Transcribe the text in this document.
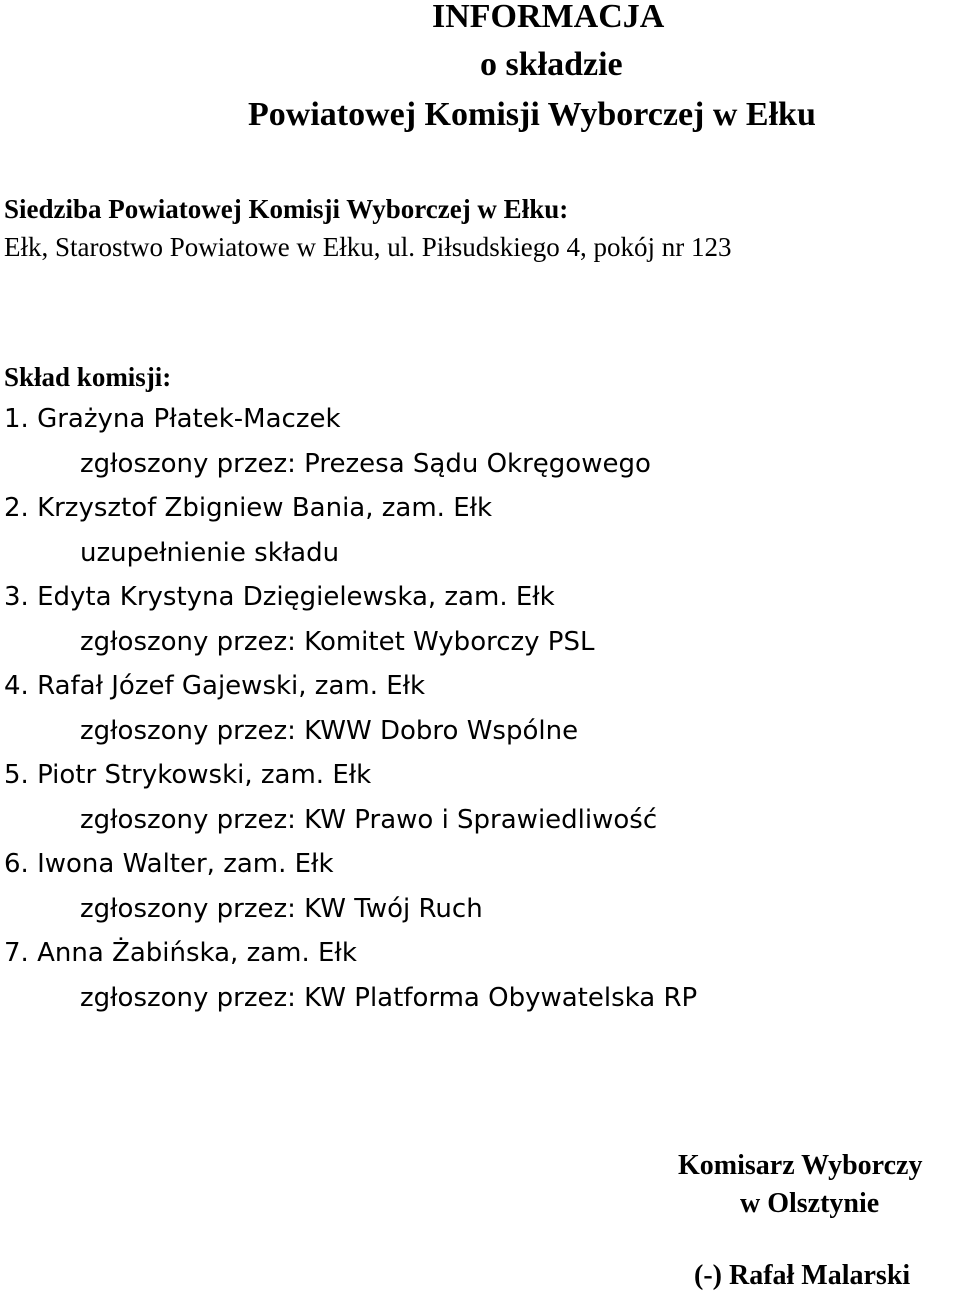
INFORMACJA
o składzie
Powiatowej Komisji Wyborczej w Ełku
Siedziba Powiatowej Komisji Wyborczej w Ełku:
Ełk, Starostwo Powiatowe w Ełku, ul. Piłsudskiego 4, pokój nr 123
Skład komisji:
1. Grażyna Płatek-Maczek
zgłoszony przez: Prezesa Sądu Okręgowego
2. Krzysztof Zbigniew Bania, zam. Ełk
uzupełnienie składu
3. Edyta Krystyna Dzięgielewska, zam. Ełk
zgłoszony przez: Komitet Wyborczy PSL
4. Rafał Józef Gajewski, zam. Ełk
zgłoszony przez: KWW Dobro Wspólne
5. Piotr Strykowski, zam. Ełk
zgłoszony przez: KW Prawo i Sprawiedliwość
6. Iwona Walter, zam. Ełk
zgłoszony przez: KW Twój Ruch
7. Anna Żabińska, zam. Ełk
zgłoszony przez: KW Platforma Obywatelska RP
Komisarz Wyborczy
w Olsztynie
(-) Rafał Malarski
